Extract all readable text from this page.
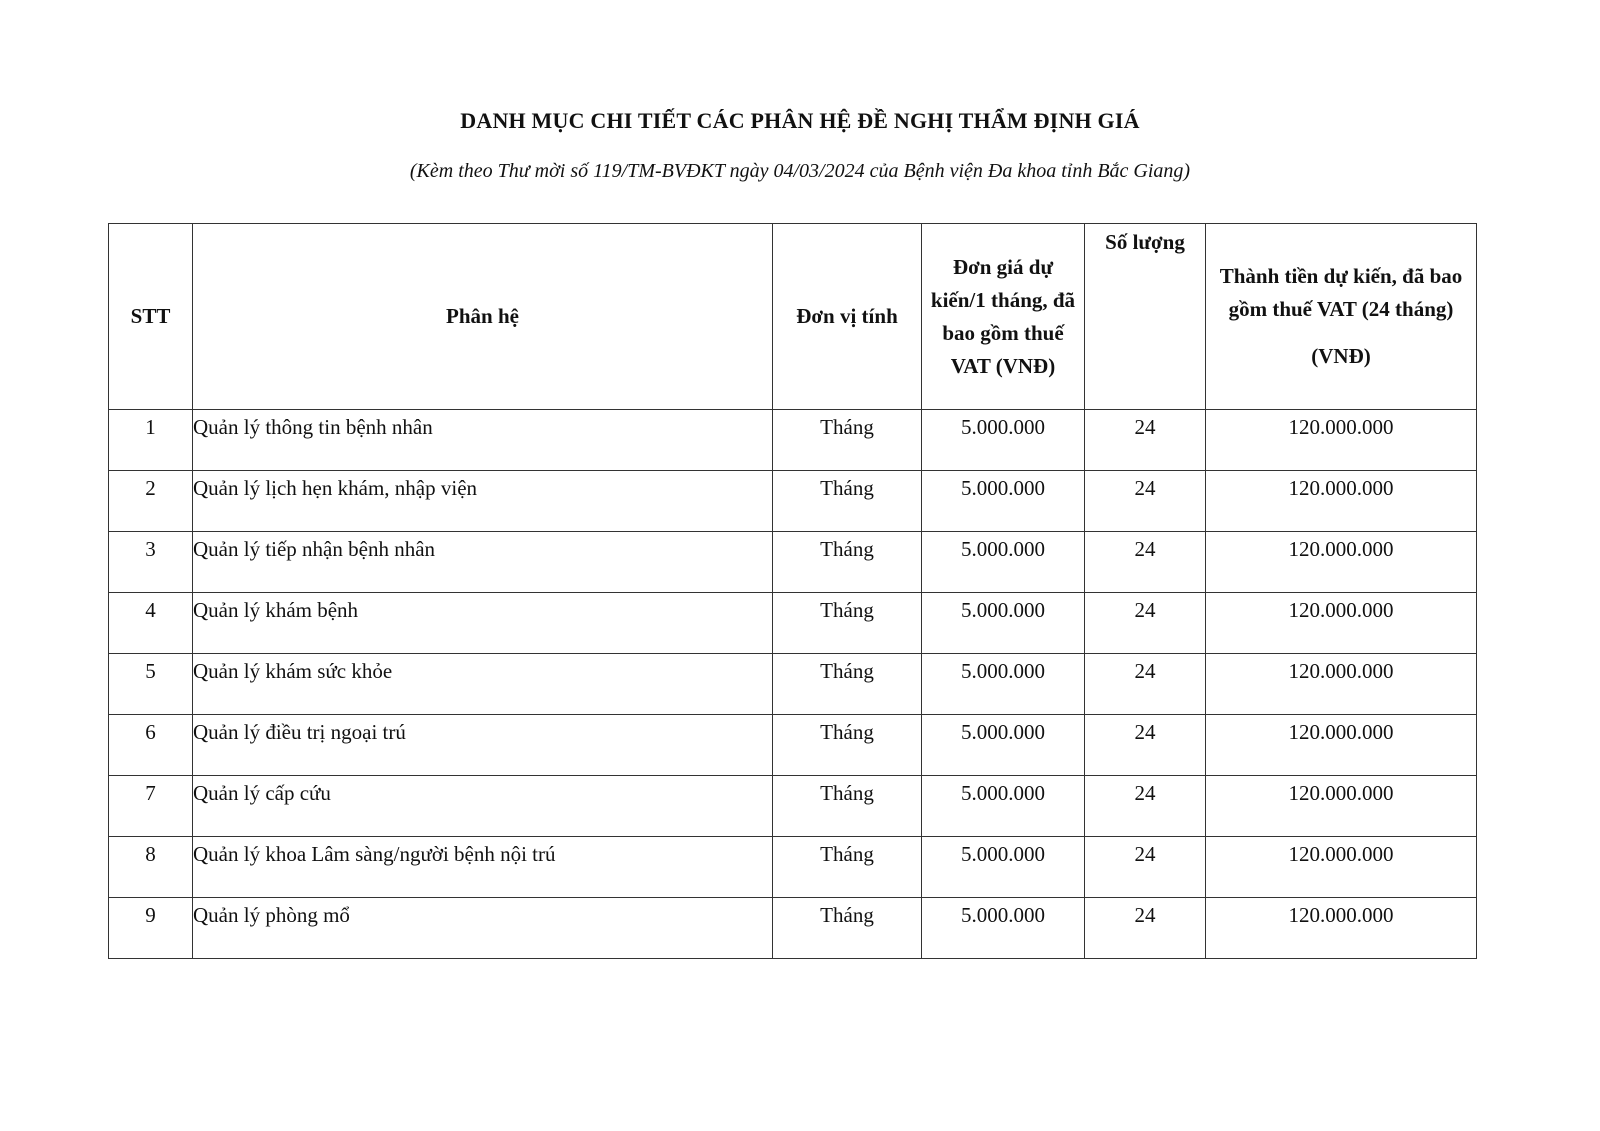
DANH MỤC CHI TIẾT CÁC PHÂN HỆ ĐỀ NGHỊ THẨM ĐỊNH GIÁ
(Kèm theo Thư mời số 119/TM-BVĐKT ngày 04/03/2024 của Bệnh viện Đa khoa tỉnh Bắc Giang)
STT	Phân hệ	Đơn vị tính	Đơn giá dự kiến/1 tháng, đã bao gồm thuế VAT (VNĐ)	Số lượng	Thành tiền dự kiến, đã bao gồm thuế VAT (24 tháng)
(VNĐ)
1	Quản lý thông tin bệnh nhân	Tháng	5.000.000	24	120.000.000
2	Quản lý lịch hẹn khám, nhập viện	Tháng	5.000.000	24	120.000.000
3	Quản lý tiếp nhận bệnh nhân	Tháng	5.000.000	24	120.000.000
4	Quản lý khám bệnh	Tháng	5.000.000	24	120.000.000
5	Quản lý khám sức khỏe	Tháng	5.000.000	24	120.000.000
6	Quản lý điều trị ngoại trú	Tháng	5.000.000	24	120.000.000
7	Quản lý cấp cứu	Tháng	5.000.000	24	120.000.000
8	Quản lý khoa Lâm sàng/người bệnh nội trú	Tháng	5.000.000	24	120.000.000
9	Quản lý phòng mổ	Tháng	5.000.000	24	120.000.000
